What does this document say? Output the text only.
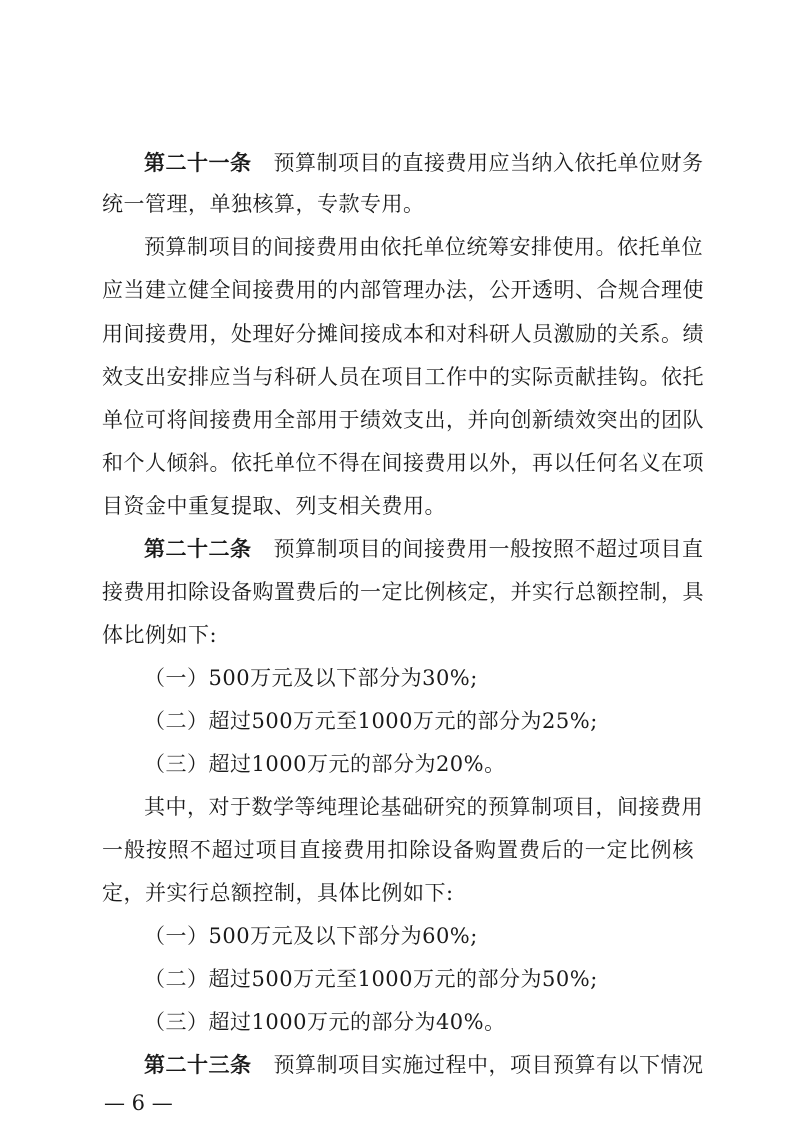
第二十一条 预算制项目的直接费用应当纳入依托单位财务
统一管理，单独核算，专款专用。
预算制项目的间接费用由依托单位统筹安排使用。依托单位
应当建立健全间接费用的内部管理办法，公开透明、合规合理使
用间接费用，处理好分摊间接成本和对科研人员激励的关系。绩
效支出安排应当与科研人员在项目工作中的实际贡献挂钩。依托
单位可将间接费用全部用于绩效支出，并向创新绩效突出的团队
和个人倾斜。依托单位不得在间接费用以外，再以任何名义在项
目资金中重复提取、列支相关费用。
第二十二条 预算制项目的间接费用一般按照不超过项目直
接费用扣除设备购置费后的一定比例核定，并实行总额控制，具
体比例如下:
（一）500万元及以下部分为30%;
（二）超过500万元至1000万元的部分为25%;
（三）超过1000万元的部分为20%。
其中，对于数学等纯理论基础研究的预算制项目，间接费用
一般按照不超过项目直接费用扣除设备购置费后的一定比例核
定，并实行总额控制，具体比例如下:
（一）500万元及以下部分为60%;
（二）超过500万元至1000万元的部分为50%;
（三）超过1000万元的部分为40%。
第二十三条 预算制项目实施过程中，项目预算有以下情况
— 6 —
